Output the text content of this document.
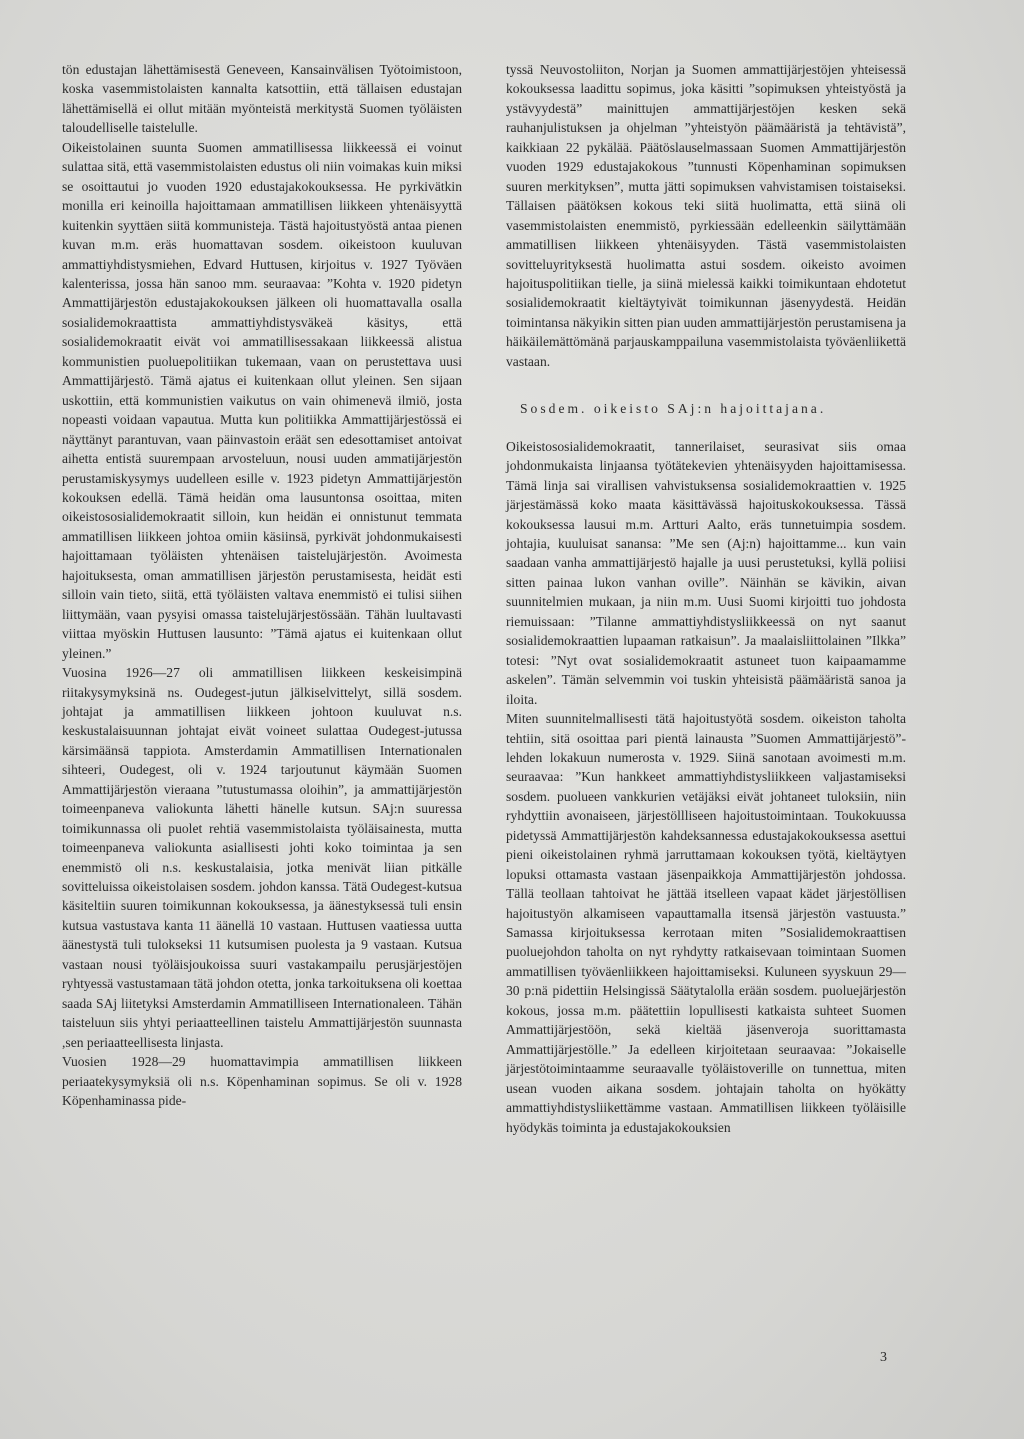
tön edustajan lähettämisestä Geneveen, Kansainvälisen Työtoimistoon, koska vasemmistolaisten kannalta katsottiin, että tällaisen edustajan lähettämisellä ei ollut mitään myönteistä merkitystä Suomen työläisten taloudelliselle taistelulle.

Oikeistolainen suunta Suomen ammatillisessa liikkeessä ei voinut sulattaa sitä, että vasemmistolaisten edustus oli niin voimakas kuin miksi se osoittautui jo vuoden 1920 edustajakokouksessa. He pyrkivätkin monilla eri keinoilla hajoittamaan ammatillisen liikkeen yhtenäisyyttä kuitenkin syyttäen siitä kommunisteja. Tästä hajoitustyöstä antaa pienen kuvan m.m. eräs huomattavan sosdem. oikeistoon kuuluvan ammattiyhdistysmiehen, Edvard Huttusen, kirjoitus v. 1927 Työväen kalenterissa, jossa hän sanoo mm. seuraavaa: ”Kohta v. 1920 pidetyn Ammattijärjestön edustajakokouksen jälkeen oli huomattavalla osalla sosialidemokraattista ammattiyhdistysväkeä käsitys, että sosialidemokraatit eivät voi ammatillisessakaan liikkeessä alistua kommunistien puoluepolitiikan tukemaan, vaan on perustettava uusi Ammattijärjestö. Tämä ajatus ei kuitenkaan ollut yleinen. Sen sijaan uskottiin, että kommunistien vaikutus on vain ohimenevä ilmiö, josta nopeasti voidaan vapautua. Mutta kun politiikka Ammattijärjestössä ei näyttänyt parantuvan, vaan päinvastoin eräät sen edesottamiset antoivat aihetta entistä suurempaan arvosteluun, nousi uuden ammatijärjestön perustamiskysymys uudelleen esille v. 1923 pidetyn Ammattijärjestön kokouksen edellä. Tämä heidän oma lausuntonsa osoittaa, miten oikeistososialidemokraatit silloin, kun heidän ei onnistunut temmata ammatillisen liikkeen johtoa omiin käsiinsä, pyrkivät johdonmukaisesti hajoittamaan työläisten yhtenäisen taistelujärjestön. Avoimesta hajoituksesta, oman ammatillisen järjestön perustamisesta, heidät esti silloin vain tieto, siitä, että työläisten valtava enemmistö ei tulisi siihen liittymään, vaan pysyisi omassa taistelujärjestössään. Tähän luultavasti viittaa myöskin Huttusen lausunto: ”Tämä ajatus ei kuitenkaan ollut yleinen.”

Vuosina 1926—27 oli ammatillisen liikkeen keskeisimpinä riitakysymyksinä ns. Oudegest-jutun jälkiselvittelyt, sillä sosdem. johtajat ja ammatillisen liikkeen johtoon kuuluvat n.s. keskustalaisuunnan johtajat eivät voineet sulattaa Oudegest-jutussa kärsimäänsä tappiota. Amsterdamin Ammatillisen Internationalen sihteeri, Oudegest, oli v. 1924 tarjoutunut käymään Suomen Ammattijärjestön vieraana ”tutustumassa oloihin”, ja ammattijärjestön toimeenpaneva valiokunta lähetti hänelle kutsun. SAj:n suuressa toimikunnassa oli puolet rehtiä vasemmistolaista työläisainesta, mutta toimeenpaneva valiokunta asiallisesti johti koko toimintaa ja sen enemmistö oli n.s. keskustalaisia, jotka menivät liian pitkälle sovitteluissa oikeistolaisen sosdem. johdon kanssa. Tätä Oudegest-kutsua käsiteltiin suuren toimikunnan kokouksessa, ja äänestyksessä tuli ensin kutsua vastustava kanta 11 äänellä 10 vastaan. Huttusen vaatiessa uutta äänestystä tuli tulokseksi 11 kutsumisen puolesta ja 9 vastaan. Kutsua vastaan nousi työläisjoukoissa suuri vastakampailu perusjärjestöjen ryhtyessä vastustamaan tätä johdon otetta, jonka tarkoituksena oli koettaa saada SAj liitetyksi Amsterdamin Ammatilliseen Internationaleen. Tähän taisteluun siis yhtyi periaatteellinen taistelu Ammattijärjestön suunnasta ,sen periaatteellisesta linjasta.

Vuosien 1928—29 huomattavimpia ammatillisen liikkeen periaatekysymyksiä oli n.s. Köpenhaminan sopimus. Se oli v. 1928 Köpenhaminassa pide-

tyssä Neuvostoliiton, Norjan ja Suomen ammattijärjestöjen yhteisessä kokouksessa laadittu sopimus, joka käsitti ”sopimuksen yhteistyöstä ja ystävyydestä” mainittujen ammattijärjestöjen kesken sekä rauhanjulistuksen ja ohjelman ”yhteistyön päämääristä ja tehtävistä”, kaikkiaan 22 pykälää. Päätöslauselmassaan Suomen Ammattijärjestön vuoden 1929 edustajakokous ”tunnusti Köpenhaminan sopimuksen suuren merkityksen”, mutta jätti sopimuksen vahvistamisen toistaiseksi. Tällaisen päätöksen kokous teki siitä huolimatta, että siinä oli vasemmistolaisten enemmistö, pyrkiessään edelleenkin säilyttämään ammatillisen liikkeen yhtenäisyyden. Tästä vasemmistolaisten sovitteluyrityksestä huolimatta astui sosdem. oikeisto avoimen hajoituspolitiikan tielle, ja siinä mielessä kaikki toimikuntaan ehdotetut sosialidemokraatit kieltäytyivät toimikunnan jäsenyydestä. Heidän toimintansa näkyikin sitten pian uuden ammattijärjestön perustamisena ja häikäilemättömänä parjauskamppailuna vasemmistolaista työväenliikettä vastaan.

Sosdem. oikeisto SAj:n hajoittajana.

Oikeistososialidemokraatit, tannerilaiset, seurasivat siis omaa johdonmukaista linjaansa työtätekevien yhtenäisyyden hajoittamisessa. Tämä linja sai virallisen vahvistuksensa sosialidemokraattien v. 1925 järjestämässä koko maata käsittävässä hajoituskokouksessa. Tässä kokouksessa lausui m.m. Artturi Aalto, eräs tunnetuimpia sosdem. johtajia, kuuluisat sanansa: ”Me sen (Aj:n) hajoittamme... kun vain saadaan vanha ammattijärjestö hajalle ja uusi perustetuksi, kyllä poliisi sitten painaa lukon vanhan oville”. Näinhän se kävikin, aivan suunnitelmien mukaan, ja niin m.m. Uusi Suomi kirjoitti tuo johdosta riemuissaan: ”Tilanne ammattiyhdistysliikkeessä on nyt saanut sosialidemokraattien lupaaman ratkaisun”. Ja maalaisliittolainen ”Ilkka” totesi: ”Nyt ovat sosialidemokraatit astuneet tuon kaipaamamme askelen”. Tämän selvemmin voi tuskin yhteisistä päämääristä sanoa ja iloita.

Miten suunnitelmallisesti tätä hajoitustyötä sosdem. oikeiston taholta tehtiin, sitä osoittaa pari pientä lainausta ”Suomen Ammattijärjestö”-lehden lokakuun numerosta v. 1929. Siinä sanotaan avoimesti m.m. seuraavaa: ”Kun hankkeet ammattiyhdistysliikkeen valjastamiseksi sosdem. puolueen vankkurien vetäjäksi eivät johtaneet tuloksiin, niin ryhdyttiin avonaiseen, järjestöllliseen hajoitustoimintaan. Toukokuussa pidetyssä Ammattijärjestön kahdeksannessa edustajakokouksessa asettui pieni oikeistolainen ryhmä jarruttamaan kokouksen työtä, kieltäytyen lopuksi ottamasta vastaan jäsenpaikkoja Ammattijärjestön johdossa. Tällä teollaan tahtoivat he jättää itselleen vapaat kädet järjestöllisen hajoitustyön alkamiseen vapauttamalla itsensä järjestön vastuusta.” Samassa kirjoituksessa kerrotaan miten ”Sosialidemokraattisen puoluejohdon taholta on nyt ryhdytty ratkaisevaan toimintaan Suomen ammatillisen työväenliikkeen hajoittamiseksi. Kuluneen syyskuun 29—30 p:nä pidettiin Helsingissä Säätytalolla erään sosdem. puoluejärjestön kokous, jossa m.m. päätettiin lopullisesti katkaista suhteet Suomen Ammattijärjestöön, sekä kieltää jäsenveroja suorittamasta Ammattijärjestölle.” Ja edelleen kirjoitetaan seuraavaa: ”Jokaiselle järjestötoimintaamme seuraavalle työläistoverille on tunnettua, miten usean vuoden aikana sosdem. johtajain taholta on hyökätty ammattiyhdistysliikettämme vastaan. Ammatillisen liikkeen työläisille hyödykäs toiminta ja edustajakokouksien

3
